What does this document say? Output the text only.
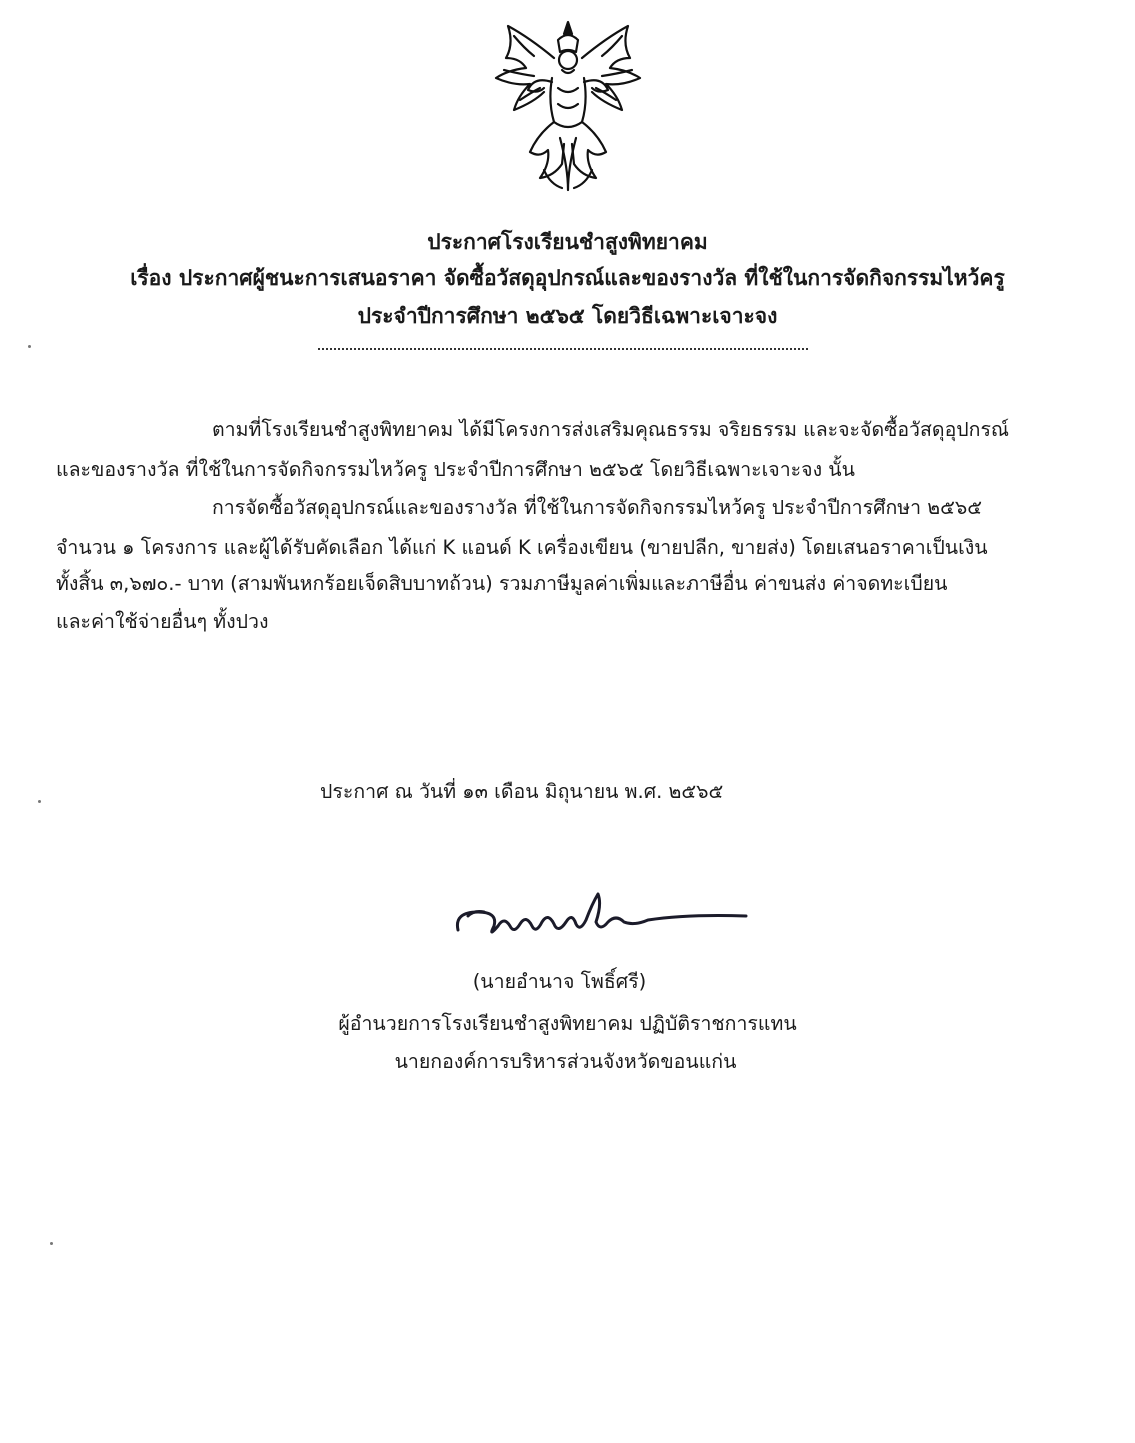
ประกาศโรงเรียนชำสูงพิทยาคม
เรื่อง ประกาศผู้ชนะการเสนอราคา จัดซื้อวัสดุอุปกรณ์และของรางวัล ที่ใช้ในการจัดกิจกรรมไหว้ครู
ประจำปีการศึกษา ๒๕๖๕ โดยวิธีเฉพาะเจาะจง
ตามที่โรงเรียนชำสูงพิทยาคม ได้มีโครงการส่งเสริมคุณธรรม จริยธรรม และจะจัดซื้อวัสดุอุปกรณ์
และของรางวัล ที่ใช้ในการจัดกิจกรรมไหว้ครู ประจำปีการศึกษา ๒๕๖๕ โดยวิธีเฉพาะเจาะจง นั้น
การจัดซื้อวัสดุอุปกรณ์และของรางวัล ที่ใช้ในการจัดกิจกรรมไหว้ครู ประจำปีการศึกษา ๒๕๖๕
จำนวน ๑ โครงการ และผู้ได้รับคัดเลือก ได้แก่ K แอนด์ K เครื่องเขียน (ขายปลีก, ขายส่ง) โดยเสนอราคาเป็นเงิน
ทั้งสิ้น ๓,๖๗๐.- บาท (สามพันหกร้อยเจ็ดสิบบาทถ้วน) รวมภาษีมูลค่าเพิ่มและภาษีอื่น ค่าขนส่ง ค่าจดทะเบียน
และค่าใช้จ่ายอื่นๆ ทั้งปวง
ประกาศ ณ วันที่ ๑๓ เดือน มิถุนายน พ.ศ. ๒๕๖๕
(นายอำนาจ โพธิ์ศรี)
ผู้อำนวยการโรงเรียนชำสูงพิทยาคม ปฏิบัติราชการแทน
นายกองค์การบริหารส่วนจังหวัดขอนแก่น
